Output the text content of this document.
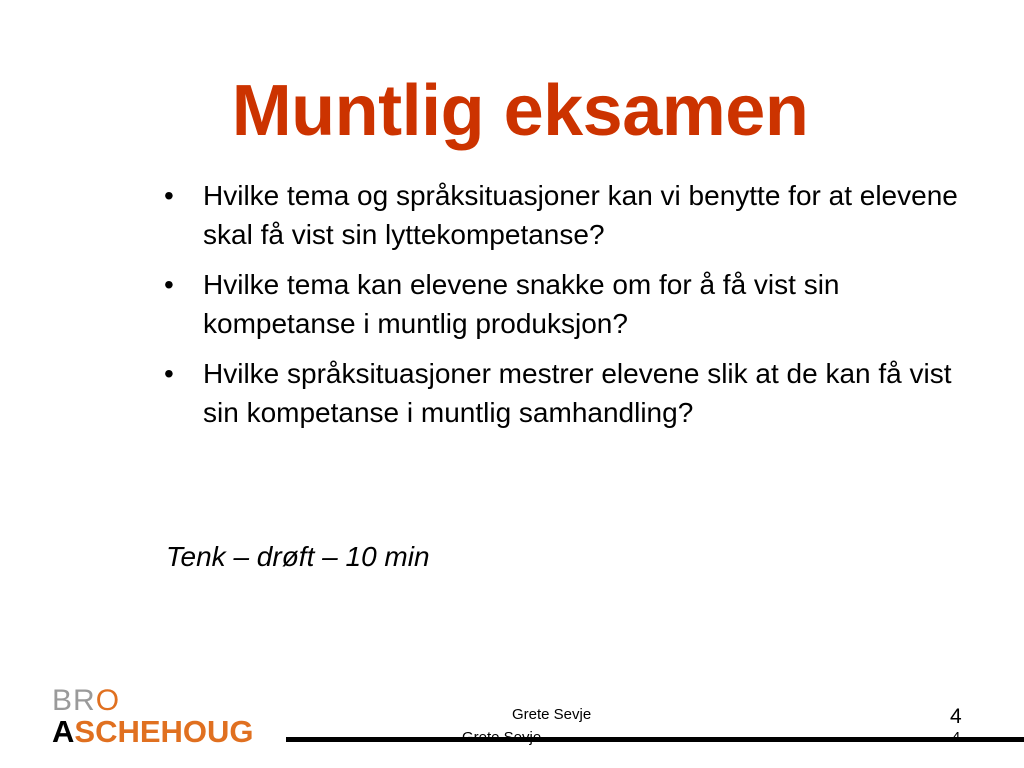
Muntlig eksamen
• Hvilke tema og språksituasjoner kan vi benytte for at elevene skal få vist sin lyttekompetanse?
• Hvilke tema kan elevene snakke om for å få vist sin kompetanse i muntlig produksjon?
• Hvilke språksituasjoner mestrer elevene slik at de kan få vist sin kompetanse i muntlig samhandling?
Tenk – drøft – 10 min
BRO
ASCHEHOUG	Grete Sevje
Grete Sevje
4
4
